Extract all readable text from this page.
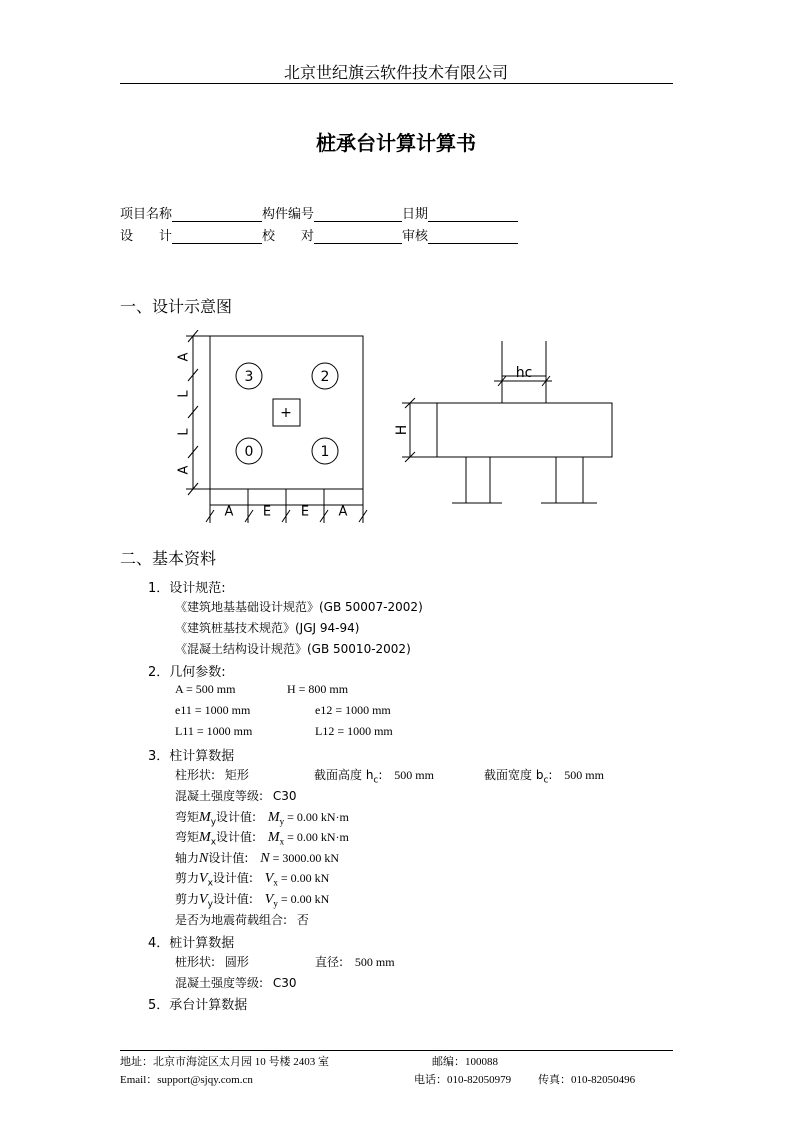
北京世纪旗云软件技术有限公司
桩承台计算计算书
项目名称	构件编号	日期
设　　计	校　　对	审核
一、设计示意图
3	2
0	1
+
A
L
L
A
A E E A
hc
H
二、基本资料
1．设计规范:
《建筑地基基础设计规范》(GB 50007-2002)
《建筑桩基技术规范》(JGJ 94-94)
《混凝土结构设计规范》(GB 50010-2002)
2．几何参数:
A = 500 mm	H = 800 mm
e11 = 1000 mm	e12 = 1000 mm
L11 = 1000 mm	L12 = 1000 mm
3．柱计算数据
柱形状: 矩形	截面高度 $h_c$: 500 mm	截面宽度 $b_c$: 500 mm
混凝土强度等级: C30
弯矩$M_y$设计值: $M_y = 0.00$ kN·m
弯矩$M_x$设计值: $M_x = 0.00$ kN·m
轴力N设计值: N = 3000.00 kN
剪力$V_x$设计值: $V_x = 0.00$ kN
剪力$V_y$设计值: $V_y = 0.00$ kN
是否为地震荷载组合: 否
4．桩计算数据
桩形状: 圆形	直径: 500 mm
混凝土强度等级: C30
5．承台计算数据
地址：北京市海淀区太月园 10 号楼 2403 室	邮编：100088
Email：support@sjqy.com.cn	电话：010-82050979 传真：010-82050496
